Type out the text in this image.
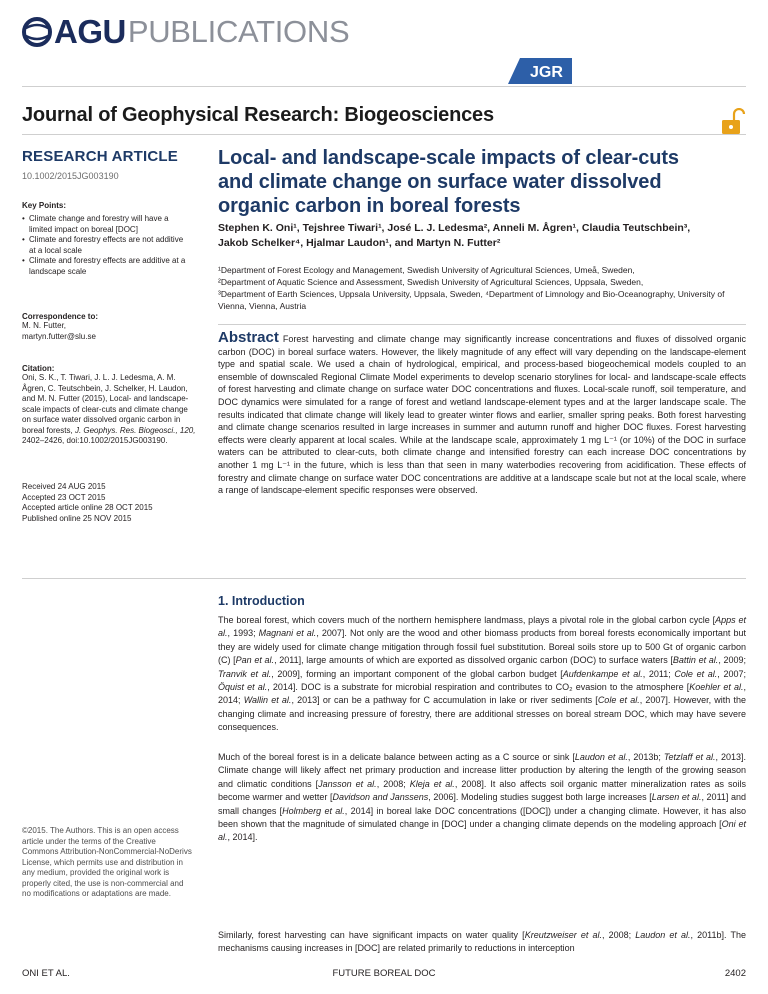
AGU PUBLICATIONS
JGR
Journal of Geophysical Research: Biogeosciences
RESEARCH ARTICLE
10.1002/2015JG003190
Key Points:
• Climate change and forestry will have a limited impact on boreal [DOC]
• Climate and forestry effects are not additive at a local scale
• Climate and forestry effects are additive at a landscape scale
Correspondence to:
M. N. Futter,
martyn.futter@slu.se
Citation:
Oni, S. K., T. Tiwari, J. L. J. Ledesma, A. M. Ågren, C. Teutschbein, J. Schelker, H. Laudon, and M. N. Futter (2015), Local- and landscape-scale impacts of clear-cuts and climate change on surface water dissolved organic carbon in boreal forests, J. Geophys. Res. Biogeosci., 120, 2402–2426, doi:10.1002/2015JG003190.
Received 24 AUG 2015
Accepted 23 OCT 2015
Accepted article online 28 OCT 2015
Published online 25 NOV 2015
©2015. The Authors. This is an open access article under the terms of the Creative Commons Attribution-NonCommercial-NoDerivs License, which permits use and distribution in any medium, provided the original work is properly cited, the use is non-commercial and no modifications or adaptations are made.
Local- and landscape-scale impacts of clear-cuts and climate change on surface water dissolved organic carbon in boreal forests
Stephen K. Oni¹, Tejshree Tiwari¹, José L. J. Ledesma², Anneli M. Ågren¹, Claudia Teutschbein³,
Jakob Schelker⁴, Hjalmar Laudon¹, and Martyn N. Futter²
¹Department of Forest Ecology and Management, Swedish University of Agricultural Sciences, Umeå, Sweden,
²Department of Aquatic Science and Assessment, Swedish University of Agricultural Sciences, Uppsala, Sweden,
³Department of Earth Sciences, Uppsala University, Uppsala, Sweden, ⁴Department of Limnology and Bio-Oceanography, University of Vienna, Vienna, Austria
Abstract Forest harvesting and climate change may significantly increase concentrations and fluxes of dissolved organic carbon (DOC) in boreal surface waters. However, the likely magnitude of any effect will vary depending on the landscape-element type and spatial scale. We used a chain of hydrological, empirical, and process-based biogeochemical models coupled to an ensemble of downscaled Regional Climate Model experiments to develop scenario storylines for local- and landscape-scale effects of forest harvesting and climate change on surface water DOC concentrations and fluxes. Local-scale runoff, soil temperature, and DOC dynamics were simulated for a range of forest and wetland landscape-element types and at the larger landscape scale. The results indicated that climate change will likely lead to greater winter flows and earlier, smaller spring peaks. Both forest harvesting and climate change scenarios resulted in large increases in summer and autumn runoff and higher DOC fluxes. Forest harvesting effects were clearly apparent at local scales. While at the landscape scale, approximately 1 mg L⁻¹ (or 10%) of the DOC in surface waters can be attributed to clear-cuts, both climate change and intensified forestry can each increase DOC concentrations by another 1 mg L⁻¹ in the future, which is less than that seen in many waterbodies recovering from acidification. These effects of forestry and climate change on surface water DOC concentrations are additive at a landscape scale but not at the local scale, where a range of landscape-element specific responses were observed.
1. Introduction
The boreal forest, which covers much of the northern hemisphere landmass, plays a pivotal role in the global carbon cycle [Apps et al., 1993; Magnani et al., 2007]. Not only are the wood and other biomass products from boreal forests economically important but they are widely used for climate change mitigation through fossil fuel substitution. Boreal soils store up to 500 Gt of organic carbon (C) [Pan et al., 2011], large amounts of which are exported as dissolved organic carbon (DOC) to surface waters [Battin et al., 2009; Tranvik et al., 2009], forming an important component of the global carbon budget [Aufdenkampe et al., 2011; Cole et al., 2007; Öquist et al., 2014]. DOC is a substrate for microbial respiration and contributes to CO₂ evasion to the atmosphere [Koehler et al., 2014; Wallin et al., 2013] or can be a pathway for C accumulation in lake or river sediments [Cole et al., 2007]. However, with the changing climate and increasing pressure of forestry, there are additional stresses on boreal stream DOC, which may have severe consequences.
Much of the boreal forest is in a delicate balance between acting as a C source or sink [Laudon et al., 2013b; Tetzlaff et al., 2013]. Climate change will likely affect net primary production and increase litter production by altering the length of the growing season and climatic conditions [Jansson et al., 2008; Kleja et al., 2008]. It also affects soil organic matter mineralization rates as soils become warmer and wetter [Davidson and Janssens, 2006]. Modeling studies suggest both large increases [Larsen et al., 2011] and small changes [Holmberg et al., 2014] in boreal lake DOC concentrations ([DOC]) under a changing climate. However, it has also been shown that the magnitude of simulated change in [DOC] under a changing climate depends on the modeling approach [Oni et al., 2014].
Similarly, forest harvesting can have significant impacts on water quality [Kreutzweiser et al., 2008; Laudon et al., 2011b]. The mechanisms causing increases in [DOC] are related primarily to reductions in interception
FUTURE BOREAL DOC
ONI ET AL.	2402
